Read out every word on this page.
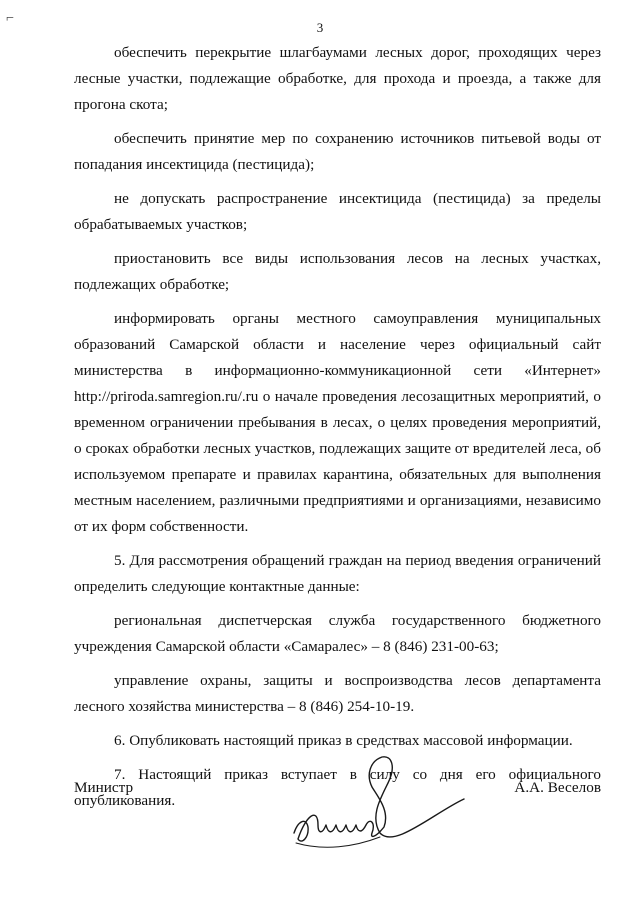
⌐
3

обеспечить перекрытие шлагбаумами лесных дорог, проходящих через лесные участки, подлежащие обработке, для прохода и проезда, а также для прогона скота;

обеспечить принятие мер по сохранению источников питьевой воды от попадания инсектицида (пестицида);

не допускать распространение инсектицида (пестицида) за пределы обрабатываемых участков;

приостановить все виды использования лесов на лесных участках, подлежащих обработке;

информировать органы местного самоуправления муниципальных образований Самарской области и население через официальный сайт министерства в информационно-коммуникационной сети «Интернет» http://priroda.samregion.ru/.ru о начале проведения лесозащитных мероприятий, о временном ограничении пребывания в лесах, о целях проведения мероприятий, о сроках обработки лесных участков, подлежащих защите от вредителей леса, об используемом препарате и правилах карантина, обязательных для выполнения местным населением, различными предприятиями и организациями, независимо от их форм собственности.

5. Для рассмотрения обращений граждан на период введения ограничений определить следующие контактные данные:

региональная диспетчерская служба государственного бюджетного учреждения Самарской области «Самаралес» – 8 (846) 231-00-63;

управление охраны, защиты и воспроизводства лесов департамента лесного хозяйства министерства – 8 (846) 254-10-19.

6. Опубликовать настоящий приказ в средствах массовой информации.

7. Настоящий приказ вступает в силу со дня его официального опубликования.

Министр	А.А. Веселов
